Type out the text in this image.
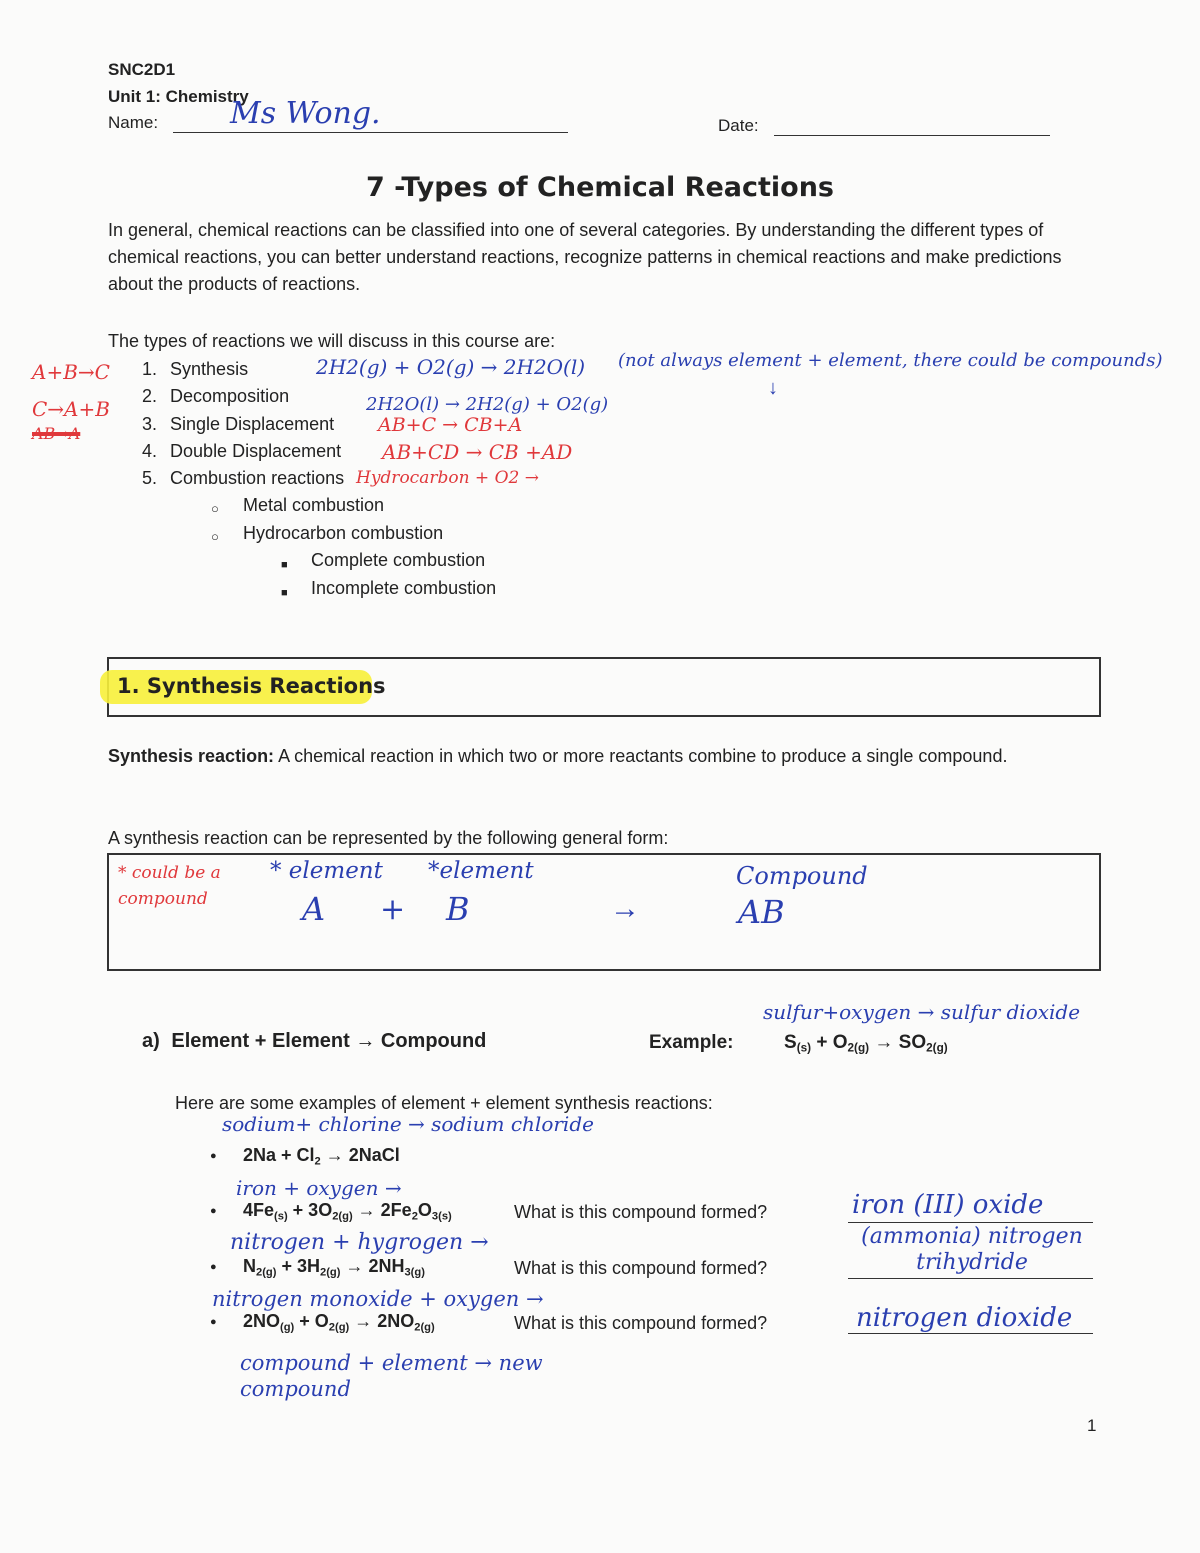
SNC2D1
Unit 1: Chemistry
Name: Ms Wong.	Date:
7 -Types of Chemical Reactions
In general, chemical reactions can be classified into one of several categories. By understanding the different types of chemical reactions, you can better understand reactions, recognize patterns in chemical reactions and make predictions about the products of reactions.
The types of reactions we will discuss in this course are:
A+B→C
C→A+B
AB→A
1. Synthesis	2H2(g) + O2(g) → 2H2O(l)
2. Decomposition	2H2O(l) → 2H2(g) + O2(g)
3. Single Displacement AB+C → CB+A
4. Double Displacement AB+CD → CB +AD
5. Combustion reactions Hydrocarbon + O2 →
(not always element + element, there could be compounds)
↓
○ Metal combustion
○ Hydrocarbon combustion
■ Complete combustion
■ Incomplete combustion
1. Synthesis Reactions
Synthesis reaction: A chemical reaction in which two or more reactants combine to produce a single compound.
A synthesis reaction can be represented by the following general form:
* could be a compound
* element *element
A + B	→
Compound
AB
a) Element + Element → Compound	Example:
sulfur+oxygen → sulfur dioxide
$S_{(s)} + O_{2(g)} \to SO_{2(g)}$
Here are some examples of element + element synthesis reactions:
sodium+ chlorine → sodium chloride
● $2Na + Cl_2$ → 2NaCl
iron + oxygen →
● $4Fe_{(s)} + 3O_{2(g)} \to 2Fe_2O_{3(s)}$	What is this compound formed?	iron (III) oxide
nitrogen + hygrogen →
● $N_{2(g)} + 3H_{2(g)} \to 2NH_{3(g)}$	What is this compound formed?
(ammonia) nitrogen trihydride
nitrogen monoxide + oxygen →
● $2NO_{(g)} + O_{2(g)} \to 2NO_{2(g)}$	What is this compound formed?	nitrogen dioxide
compound + element → new compound
1
